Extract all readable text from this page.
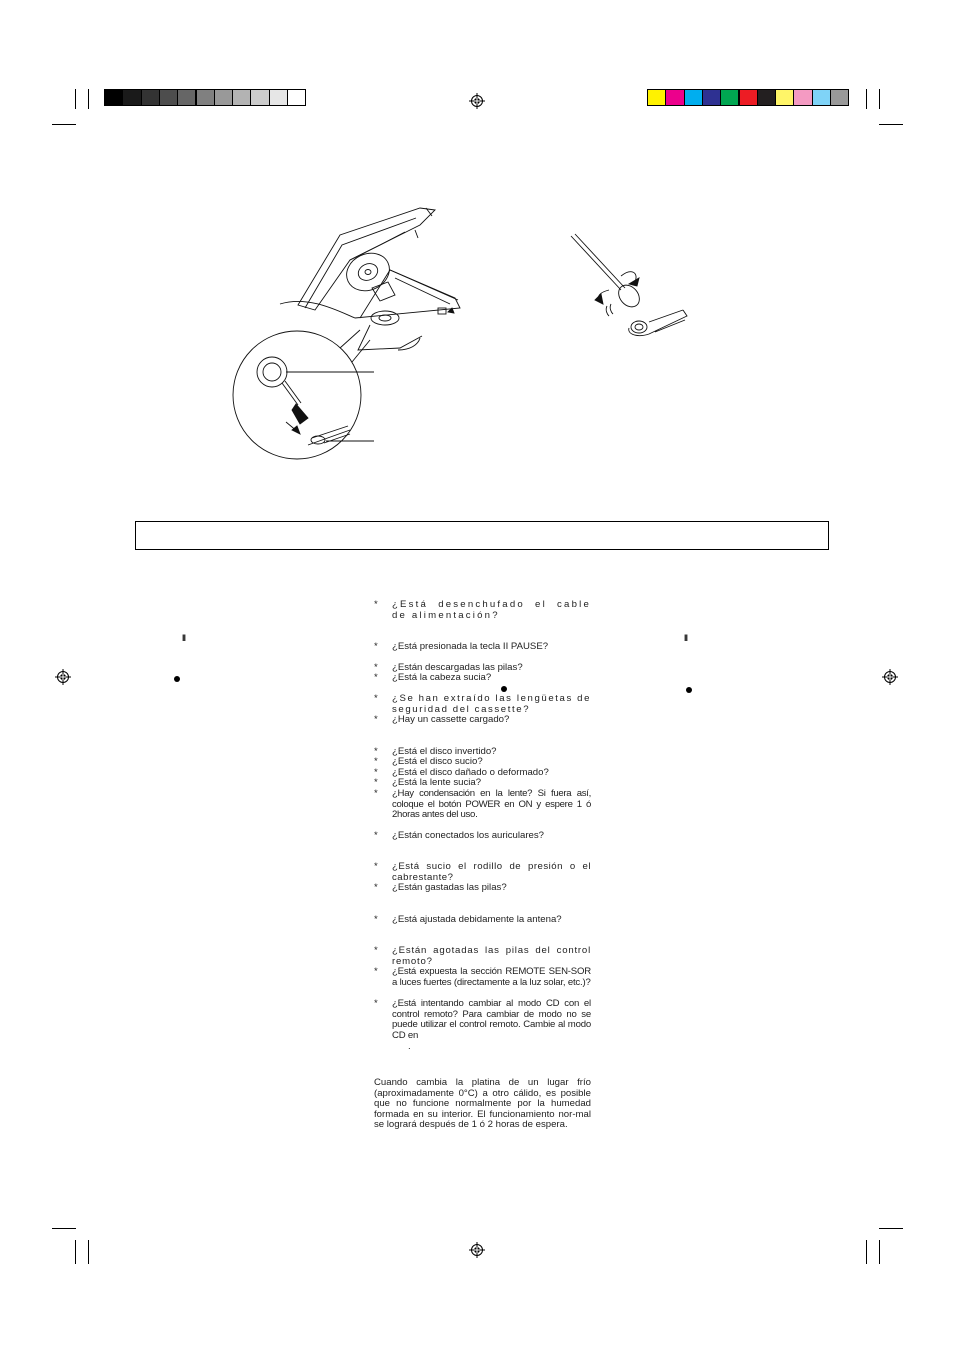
II	II
* ¿Está desenchufado el cable de alimentación?
* ¿Está presionada la tecla II PAUSE?
* ¿Están descargadas las pilas?
* ¿Está la cabeza sucia?
* ¿Se han extraído las lengüetas de seguridad del cassette?
* ¿Hay un cassette cargado?
* ¿Está el disco invertido?
* ¿Está el disco sucio?
* ¿Está el disco dañado o deformado?
* ¿Está la lente sucia?
* ¿Hay condensación en la lente? Si fuera así, coloque el botón POWER en ON y espere 1 ó 2horas antes del uso.
* ¿Están conectados los auriculares?
* ¿Está sucio el rodillo de presión o el cabrestante?
* ¿Están gastadas las pilas?
* ¿Está ajustada debidamente la antena?
* ¿Están agotadas las pilas del control remoto?
* ¿Está expuesta la sección REMOTE SEN-SOR a luces fuertes (directamente a la luz solar, etc.)?
* ¿Está intentando cambiar al modo CD con el control remoto? Para cambiar de modo no se puede utilizar el control remoto. Cambie al modo CD en
.
Cuando cambia la platina de un lugar frío (aproximadamente 0°C) a otro cálido, es posible que no funcione normalmente por la humedad formada en su interior. El funcionamiento nor-mal se logrará después de 1 ó 2 horas de espera.
